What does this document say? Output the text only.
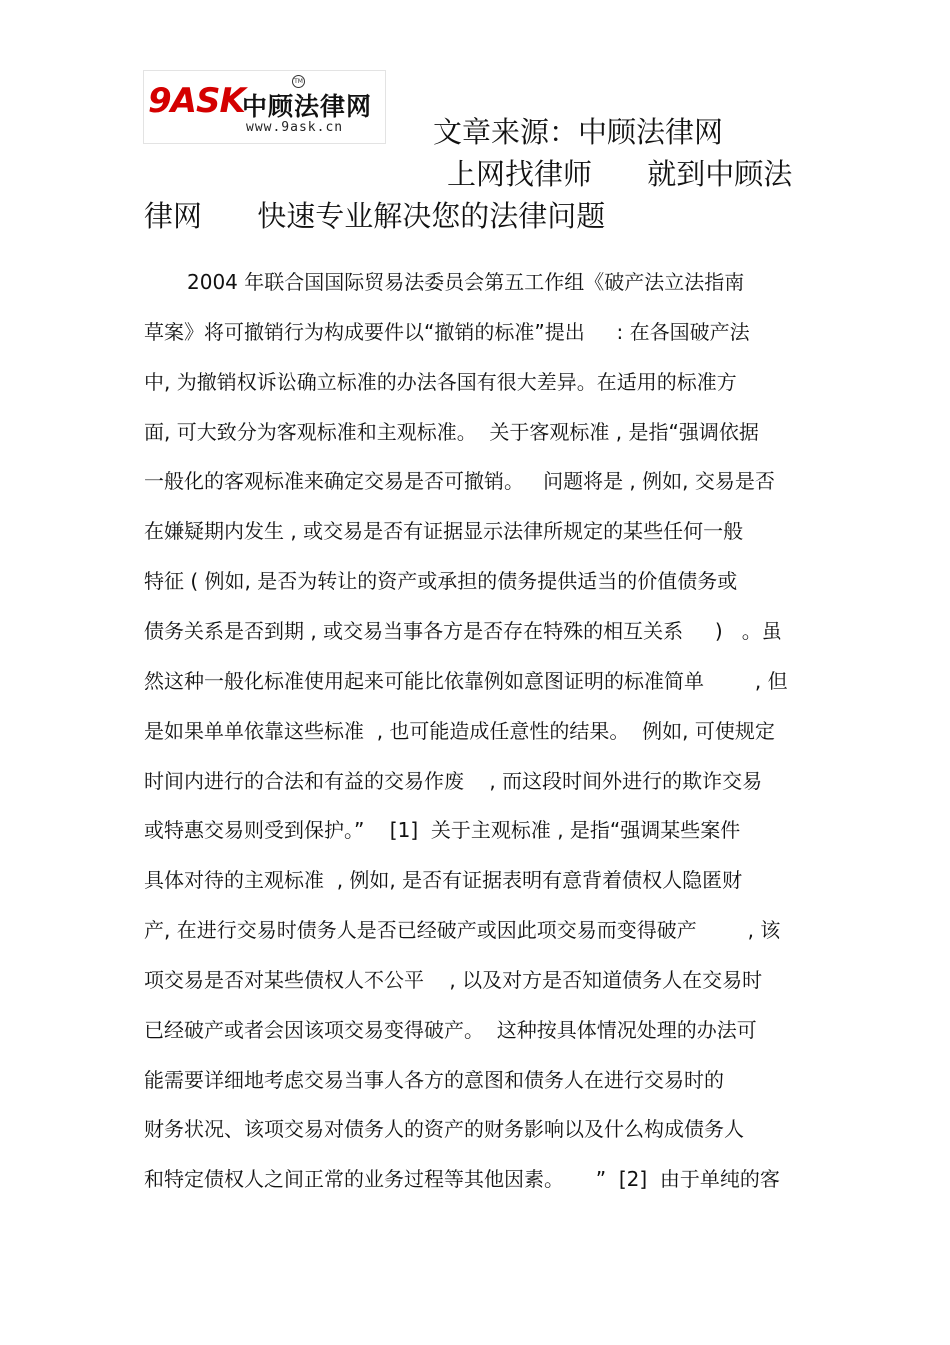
9ASK
中顾法律网
TM
www.9ask.cn	文章来源：中顾法律网
上网找律师      就到中顾法
律网      快速专业解决您的法律问题
2004 年联合国国际贸易法委员会第五工作组《破产法立法指南
草案》将可撤销行为构成要件以“撤销的标准”提出     : 在各国破产法
中, 为撤销权诉讼确立标准的办法各国有很大差异。在适用的标准方
面, 可大致分为客观标准和主观标准。  关于客观标准 , 是指“强调依据
一般化的客观标准来确定交易是否可撤销。   问题将是 , 例如, 交易是否
在嫌疑期内发生 , 或交易是否有证据显示法律所规定的某些任何一般
特征 ( 例如, 是否为转让的资产或承担的债务提供适当的价值债务或
债务关系是否到期 , 或交易当事各方是否存在特殊的相互关系     )   。虽
然这种一般化标准使用起来可能比依靠例如意图证明的标准简单        , 但
是如果单单依靠这些标准  , 也可能造成任意性的结果。  例如, 可使规定
时间内进行的合法和有益的交易作废    , 而这段时间外进行的欺诈交易
或特惠交易则受到保护。”    [1]  关于主观标准 , 是指“强调某些案件
具体对待的主观标准  , 例如, 是否有证据表明有意背着债权人隐匿财
产, 在进行交易时债务人是否已经破产或因此项交易而变得破产        , 该
项交易是否对某些债权人不公平    , 以及对方是否知道债务人在交易时
已经破产或者会因该项交易变得破产。  这种按具体情况处理的办法可
能需要详细地考虑交易当事人各方的意图和债务人在进行交易时的
财务状况、该项交易对债务人的资产的财务影响以及什么构成债务人
和特定债权人之间正常的业务过程等其他因素。     ”  [2]  由于单纯的客
